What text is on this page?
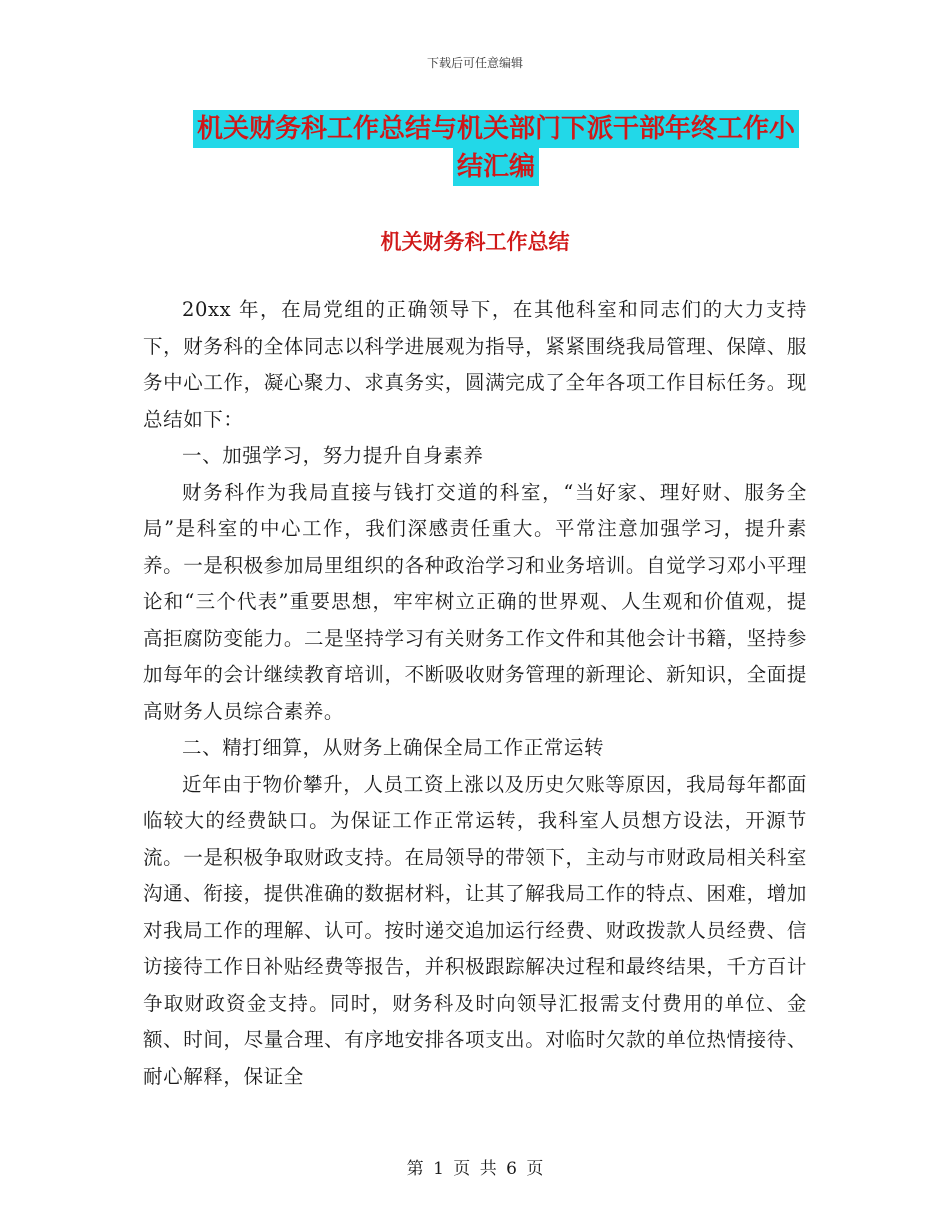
下载后可任意编辑
机关财务科工作总结与机关部门下派干部年终工作小
结汇编
机关财务科工作总结

20xx 年，在局党组的正确领导下，在其他科室和同志们的大力支持下，财务科的全体同志以科学进展观为指导，紧紧围绕我局管理、保障、服务中心工作，凝心聚力、求真务实，圆满完成了全年各项工作目标任务。现总结如下：

一、加强学习，努力提升自身素养

财务科作为我局直接与钱打交道的科室，“当好家、理好财、服务全局”是科室的中心工作，我们深感责任重大。平常注意加强学习，提升素养。一是积极参加局里组织的各种政治学习和业务培训。自觉学习邓小平理论和“三个代表”重要思想，牢牢树立正确的世界观、人生观和价值观，提高拒腐防变能力。二是坚持学习有关财务工作文件和其他会计书籍，坚持参加每年的会计继续教育培训，不断吸收财务管理的新理论、新知识，全面提高财务人员综合素养。

二、精打细算，从财务上确保全局工作正常运转

近年由于物价攀升，人员工资上涨以及历史欠账等原因，我局每年都面临较大的经费缺口。为保证工作正常运转，我科室人员想方设法，开源节流。一是积极争取财政支持。在局领导的带领下，主动与市财政局相关科室沟通、衔接，提供准确的数据材料，让其了解我局工作的特点、困难，增加对我局工作的理解、认可。按时递交追加运行经费、财政拨款人员经费、信访接待工作日补贴经费等报告，并积极跟踪解决过程和最终结果，千方百计争取财政资金支持。同时，财务科及时向领导汇报需支付费用的单位、金额、时间，尽量合理、有序地安排各项支出。对临时欠款的单位热情接待、耐心解释，保证全

第 1 页 共 6 页
